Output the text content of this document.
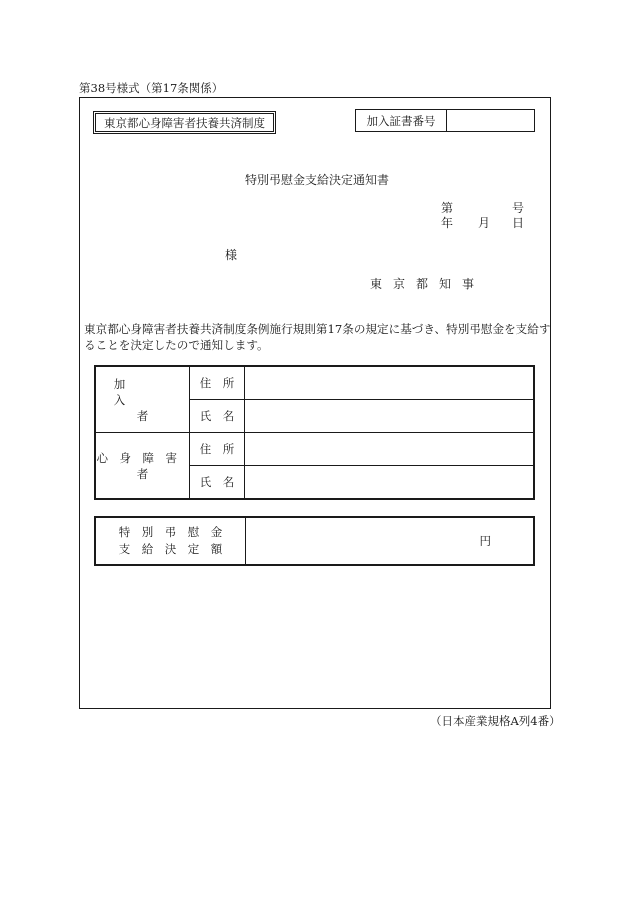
第38号様式（第17条関係）
東京都心身障害者扶養共済制度	加入証書番号
特別弔慰金支給決定通知書
第	号
年 月 日
様
東京都知事
東京都心身障害者扶養共済制度条例施行規則第17条の規定に基づき、特別弔慰金を支給することを決定したので通知します。
加入者	住所	
	氏名	
心身障害者	住所	
	氏名	
特別弔慰金
支給決定額	円
（日本産業規格A列4番）
